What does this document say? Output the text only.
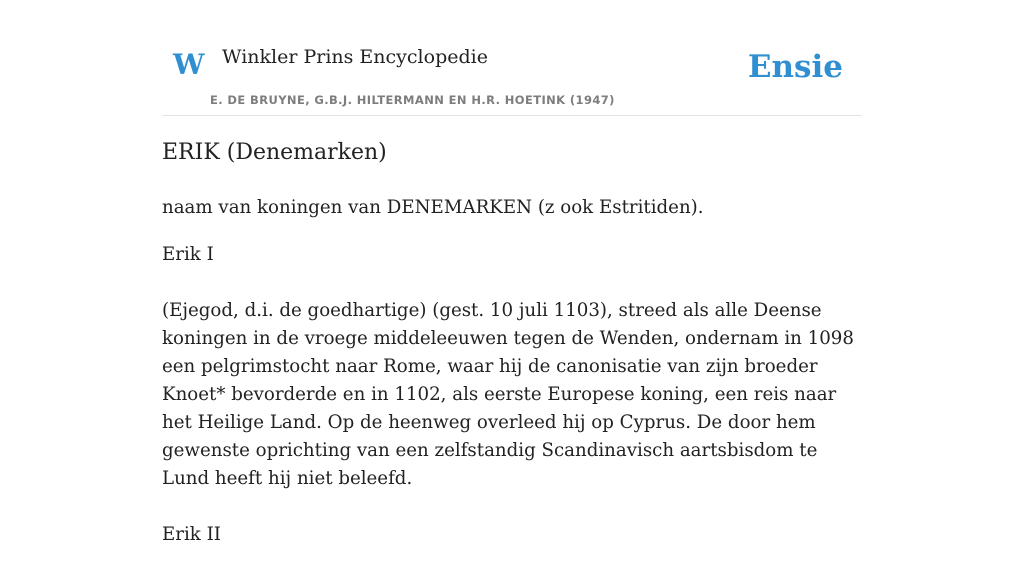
W Winkler Prins Encyclopedie
E. DE BRUYNE, G.B.J. HILTERMANN EN H.R. HOETINK (1947)
Ensie
ERIK (Denemarken)

naam van koningen van DENEMARKEN (z ook Estritiden).

Erik I

(Ejegod, d.i. de goedhartige) (gest. 10 juli 1103), streed als alle Deense koningen in de vroege middeleeuwen tegen de Wenden, ondernam in 1098 een pelgrimstocht naar Rome, waar hij de canonisatie van zijn broeder Knoet* bevorderde en in 1102, als eerste Europese koning, een reis naar het Heilige Land. Op de heenweg overleed hij op Cyprus. De door hem gewenste oprichting van een zelfstandig Scandinavisch aartsbisdom te Lund heeft hij niet beleefd.

Erik II
